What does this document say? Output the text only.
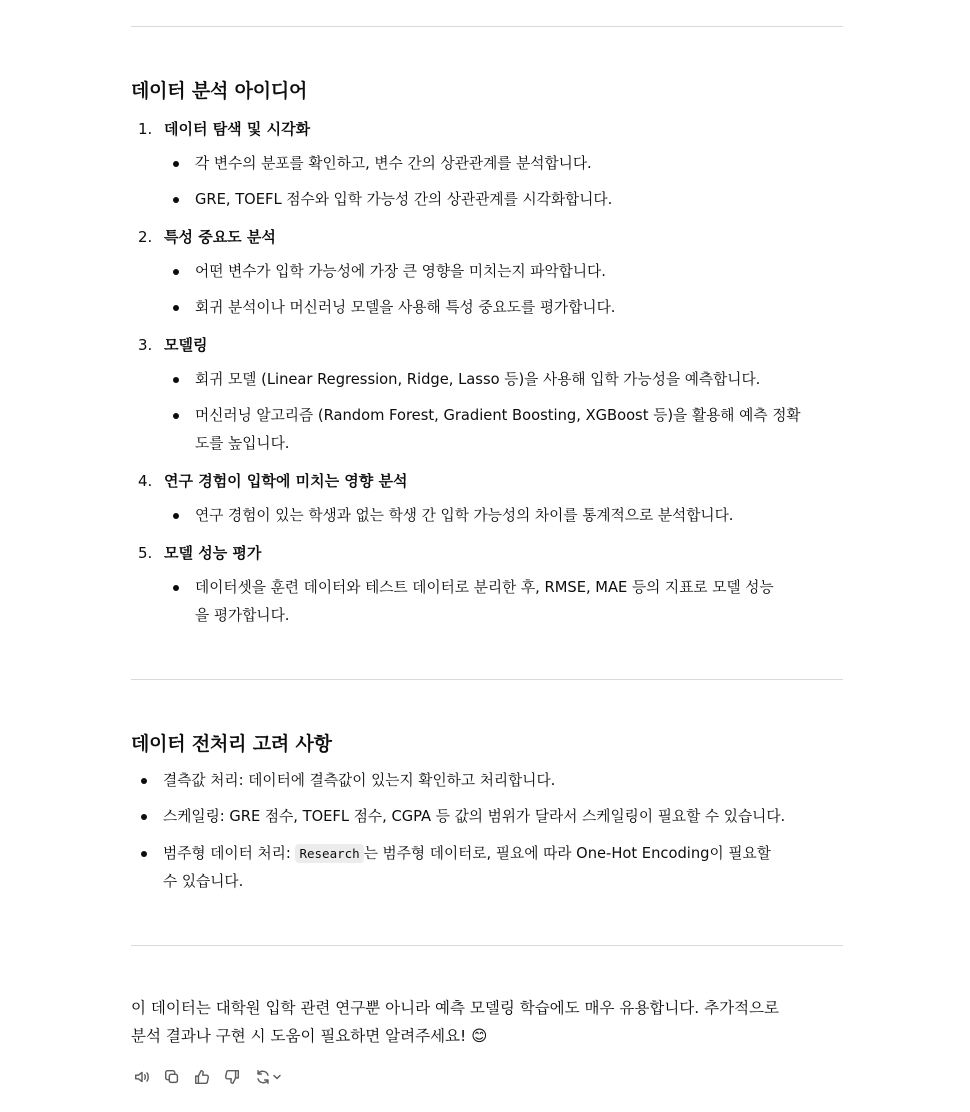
데이터 분석 아이디어
1. 데이터 탐색 및 시각화
각 변수의 분포를 확인하고, 변수 간의 상관관계를 분석합니다.
GRE, TOEFL 점수와 입학 가능성 간의 상관관계를 시각화합니다.
2. 특성 중요도 분석
어떤 변수가 입학 가능성에 가장 큰 영향을 미치는지 파악합니다.
회귀 분석이나 머신러닝 모델을 사용해 특성 중요도를 평가합니다.
3. 모델링
회귀 모델 (Linear Regression, Ridge, Lasso 등)을 사용해 입학 가능성을 예측합니다.
머신러닝 알고리즘 (Random Forest, Gradient Boosting, XGBoost 등)을 활용해 예측 정확
도를 높입니다.
4. 연구 경험이 입학에 미치는 영향 분석
연구 경험이 있는 학생과 없는 학생 간 입학 가능성의 차이를 통계적으로 분석합니다.
5. 모델 성능 평가
데이터셋을 훈련 데이터와 테스트 데이터로 분리한 후, RMSE, MAE 등의 지표로 모델 성능
을 평가합니다.
데이터 전처리 고려 사항
결측값 처리: 데이터에 결측값이 있는지 확인하고 처리합니다.
스케일링: GRE 점수, TOEFL 점수, CGPA 등 값의 범위가 달라서 스케일링이 필요할 수 있습니다.
범주형 데이터 처리: Research 는 범주형 데이터로, 필요에 따라 One-Hot Encoding이 필요할
수 있습니다.
이 데이터는 대학원 입학 관련 연구뿐 아니라 예측 모델링 학습에도 매우 유용합니다. 추가적으로
분석 결과나 구현 시 도움이 필요하면 알려주세요! 😊
